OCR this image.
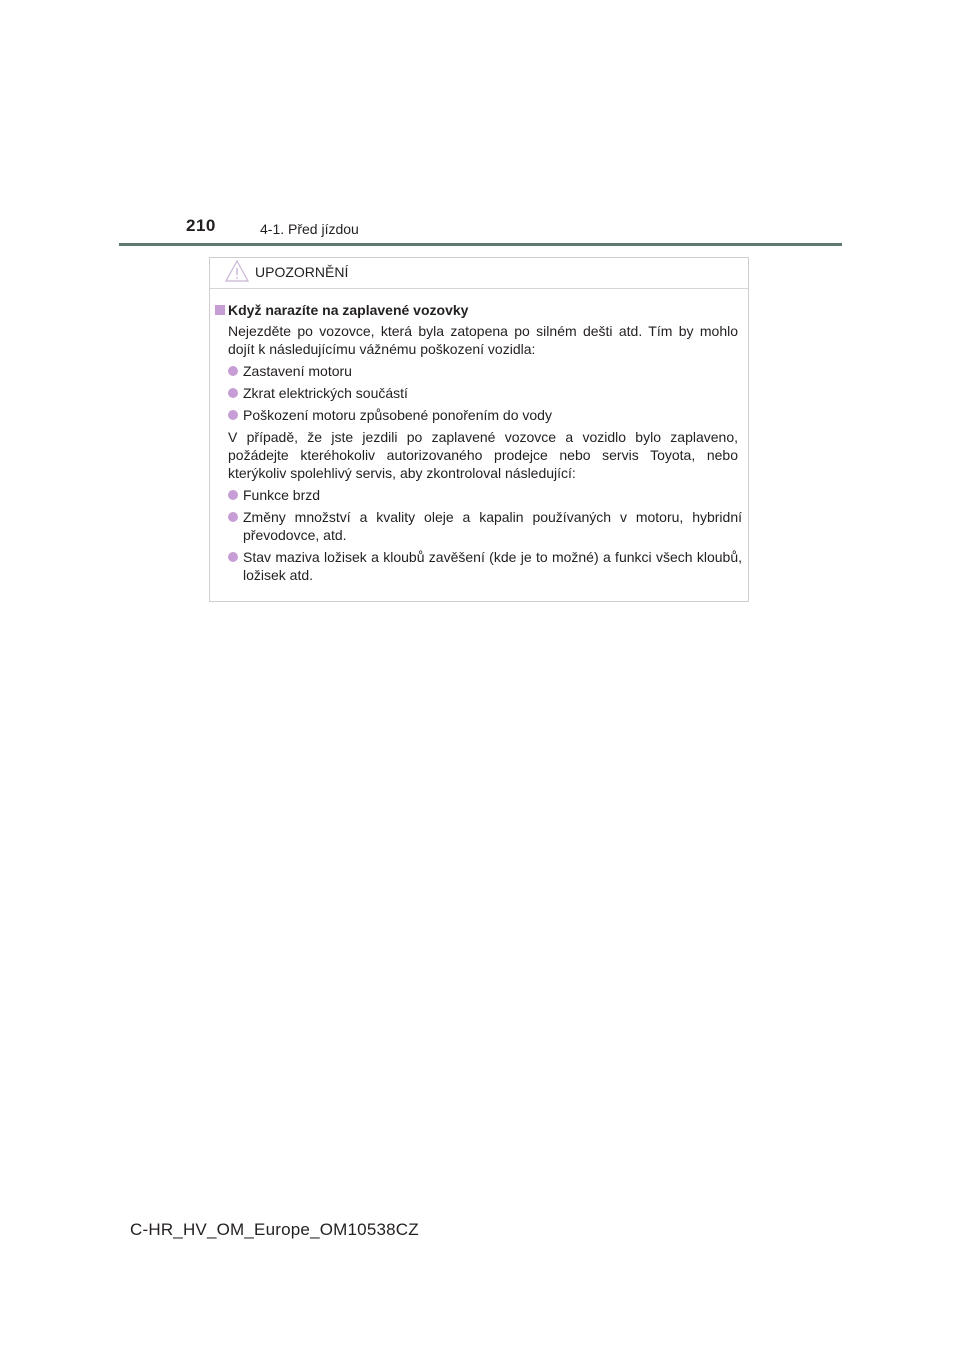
210	4-1. Před jízdou
UPOZORNĚNÍ
Když narazíte na zaplavené vozovky
Nejezděte po vozovce, která byla zatopena po silném dešti atd. Tím by mohlo dojít k následujícímu vážnému poškození vozidla:
Zastavení motoru
Zkrat elektrických součástí
Poškození motoru způsobené ponořením do vody
V případě, že jste jezdili po zaplavené vozovce a vozidlo bylo zaplaveno, požádejte kteréhokoliv autorizovaného prodejce nebo servis Toyota, nebo kterýkoliv spolehlivý servis, aby zkontroloval následující:
Funkce brzd
Změny množství a kvality oleje a kapalin používaných v motoru, hybridní převodovce, atd.
Stav maziva ložisek a kloubů zavěšení (kde je to možné) a funkci všech kloubů, ložisek atd.
C-HR_HV_OM_Europe_OM10538CZ
